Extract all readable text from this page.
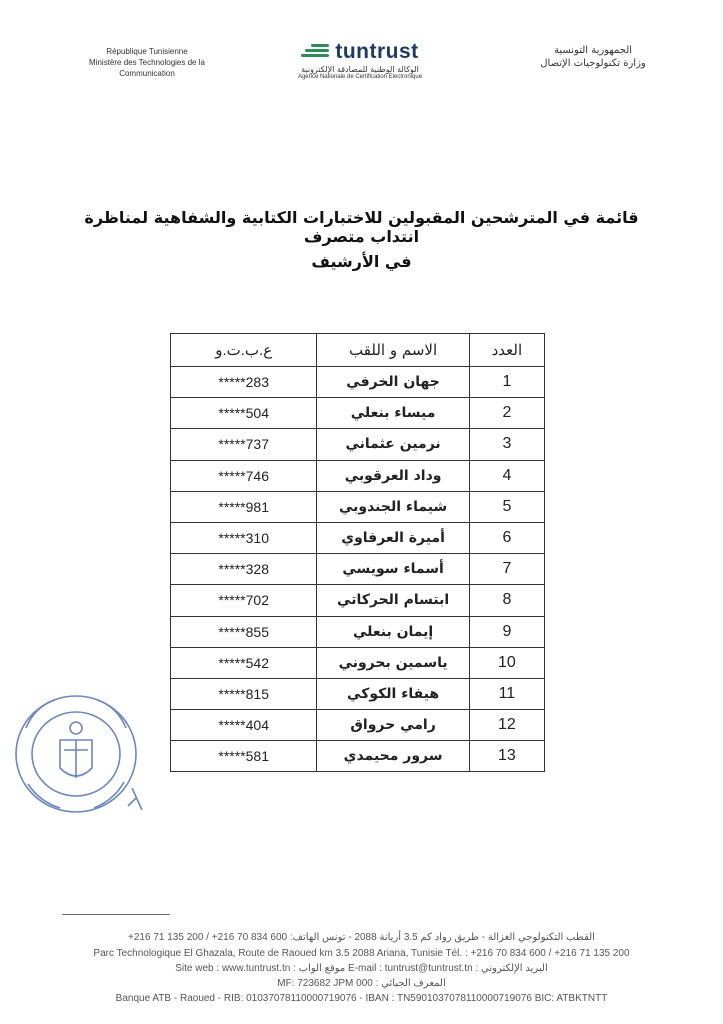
République Tunisienne
Ministère des Technologies de la Communication
tuntrust
الوكالة الوطنية للمصادقة الإلكترونية
Agence Nationale de Certification Electronique
الجمهورية التونسية
وزارة تكنولوجيات الإتصال
قائمة في المترشحين المقبولين للاختبارات الكتابية والشفاهية لمناظرة انتداب متصرف
في الأرشيف
العدد	الاسم و اللقب	ع.ب.ت.و
1	جهان الخرفي	*****283
2	ميساء بنعلي	*****504
3	نرمين عثماني	*****737
4	وداد العرقوبي	*****746
5	شيماء الجندوبي	*****981
6	أميرة العرفاوي	*****310
7	أسماء سويسي	*****328
8	ابتسام الحركاتي	*****702
9	إيمان بنعلي	*****855
10	ياسمين بحروني	*****542
11	هيفاء الكوكي	*****815
12	رامي حرواق	*****404
13	سرور محيمدي	*****581
القطب التكنولوجي الغزالة - طريق رواد كم 3.5 أريانة 2088 - تونس الهاتف: 600 834 70 216+ / 200 135 71 216+
Parc Technologique El Ghazala, Route de Raoued km 3.5 2088 Ariana, Tunisie Tél. : +216 70 834 600 / +216 71 135 200
Site web : www.tuntrust.tn : موقع الواب E-mail : tuntrust@tuntrust.tn : البريد الإلكتروني
MF: 723682 JPM 000 : المعرف الجبائي
Banque ATB - Raoued - RIB: 01037078110000719076 - IBAN : TN5901037078110000719076 BIC: ATBKTNTT
